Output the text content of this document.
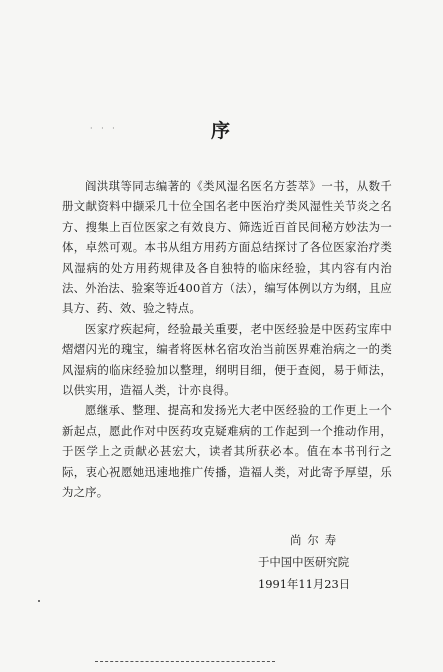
· · ·	序

阎洪琪等同志编著的《类风湿名医名方荟萃》一书，从数千册文献资料中撷采几十位全国名老中医治疗类风湿性关节炎之名方、搜集上百位医家之有效良方、筛选近百首民间秘方妙法为一体，卓然可观。本书从组方用药方面总结探讨了各位医家治疗类风湿病的处方用药规律及各自独特的临床经验，其内容有内治法、外治法、验案等近400首方（法），编写体例以方为纲，且应具方、药、效、验之特点。

医家疗疾起疴，经验最关重要，老中医经验是中医药宝库中熠熠闪光的瑰宝，编者将医林名宿攻治当前医界难治病之一的类风湿病的临床经验加以整理，纲明目细，便于查阅，易于师法，以供实用，造福人类，计亦良得。

愿继承、整理、提高和发扬光大老中医经验的工作更上一个新起点，愿此作对中医药攻克疑难病的工作起到一个推动作用，于医学上之贡献必甚宏大，读者其所获必本。值在本书刊行之际，衷心祝愿她迅速地推广传播，造福人类，对此寄予厚望，乐为之序。

尚尔寿
于中国中医研究院
1991年11月23日
